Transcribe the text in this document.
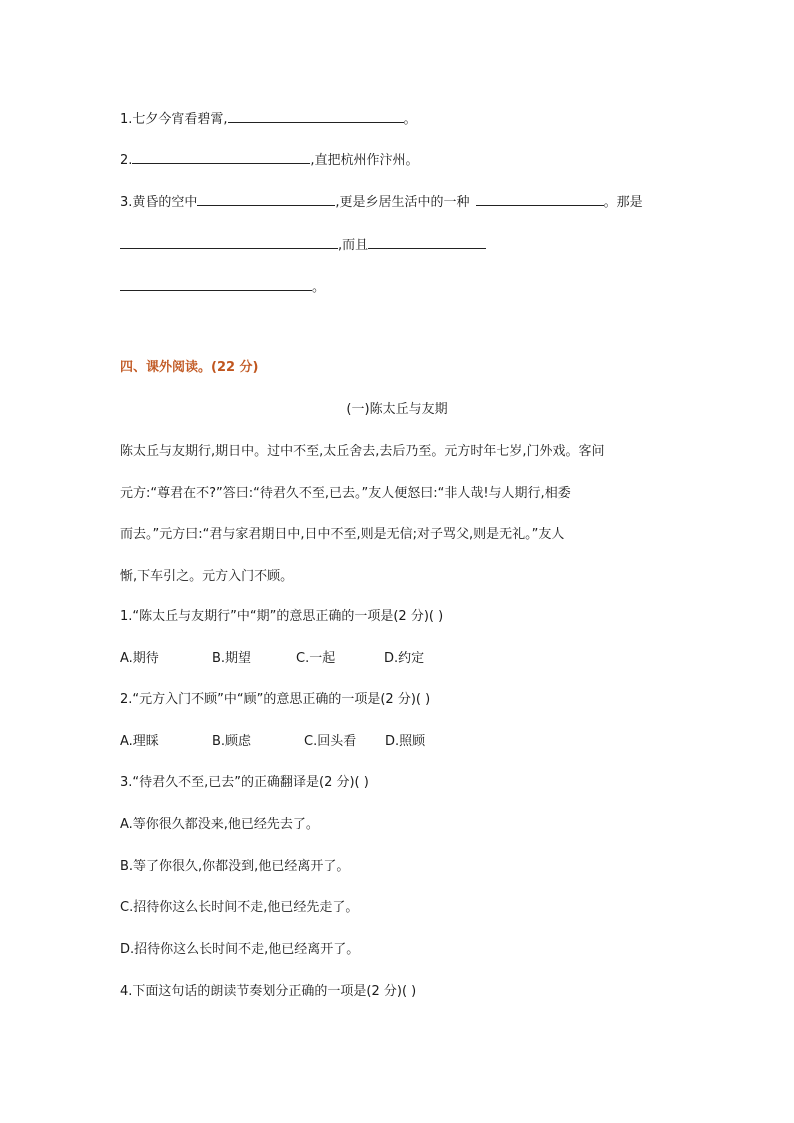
1.七夕今宵看碧霄,	。
2.	,直把杭州作汴州。
3.黄昏的空中	,更是乡居生活中的一种	。那是
,而且
。
四、课外阅读。(22 分)
(一)陈太丘与友期
陈太丘与友期行,期日中。过中不至,太丘舍去,去后乃至。元方时年七岁,门外戏。客问
元方:“尊君在不?”答曰:“待君久不至,已去。”友人便怒曰:“非人哉!与人期行,相委
而去。”元方曰:“君与家君期日中,日中不至,则是无信;对子骂父,则是无礼。”友人
惭,下车引之。元方入门不顾。
1.“陈太丘与友期行”中“期”的意思正确的一项是(2 分)( )
A.期待	B.期望	C.一起	D.约定
2.“元方入门不顾”中“顾”的意思正确的一项是(2 分)( )
A.理睬	B.顾虑	C.回头看 D.照顾
3.“待君久不至,已去”的正确翻译是(2 分)( )
A.等你很久都没来,他已经先去了。
B.等了你很久,你都没到,他已经离开了。
C.招待你这么长时间不走,他已经先走了。
D.招待你这么长时间不走,他已经离开了。
4.下面这句话的朗读节奏划分正确的一项是(2 分)( )
